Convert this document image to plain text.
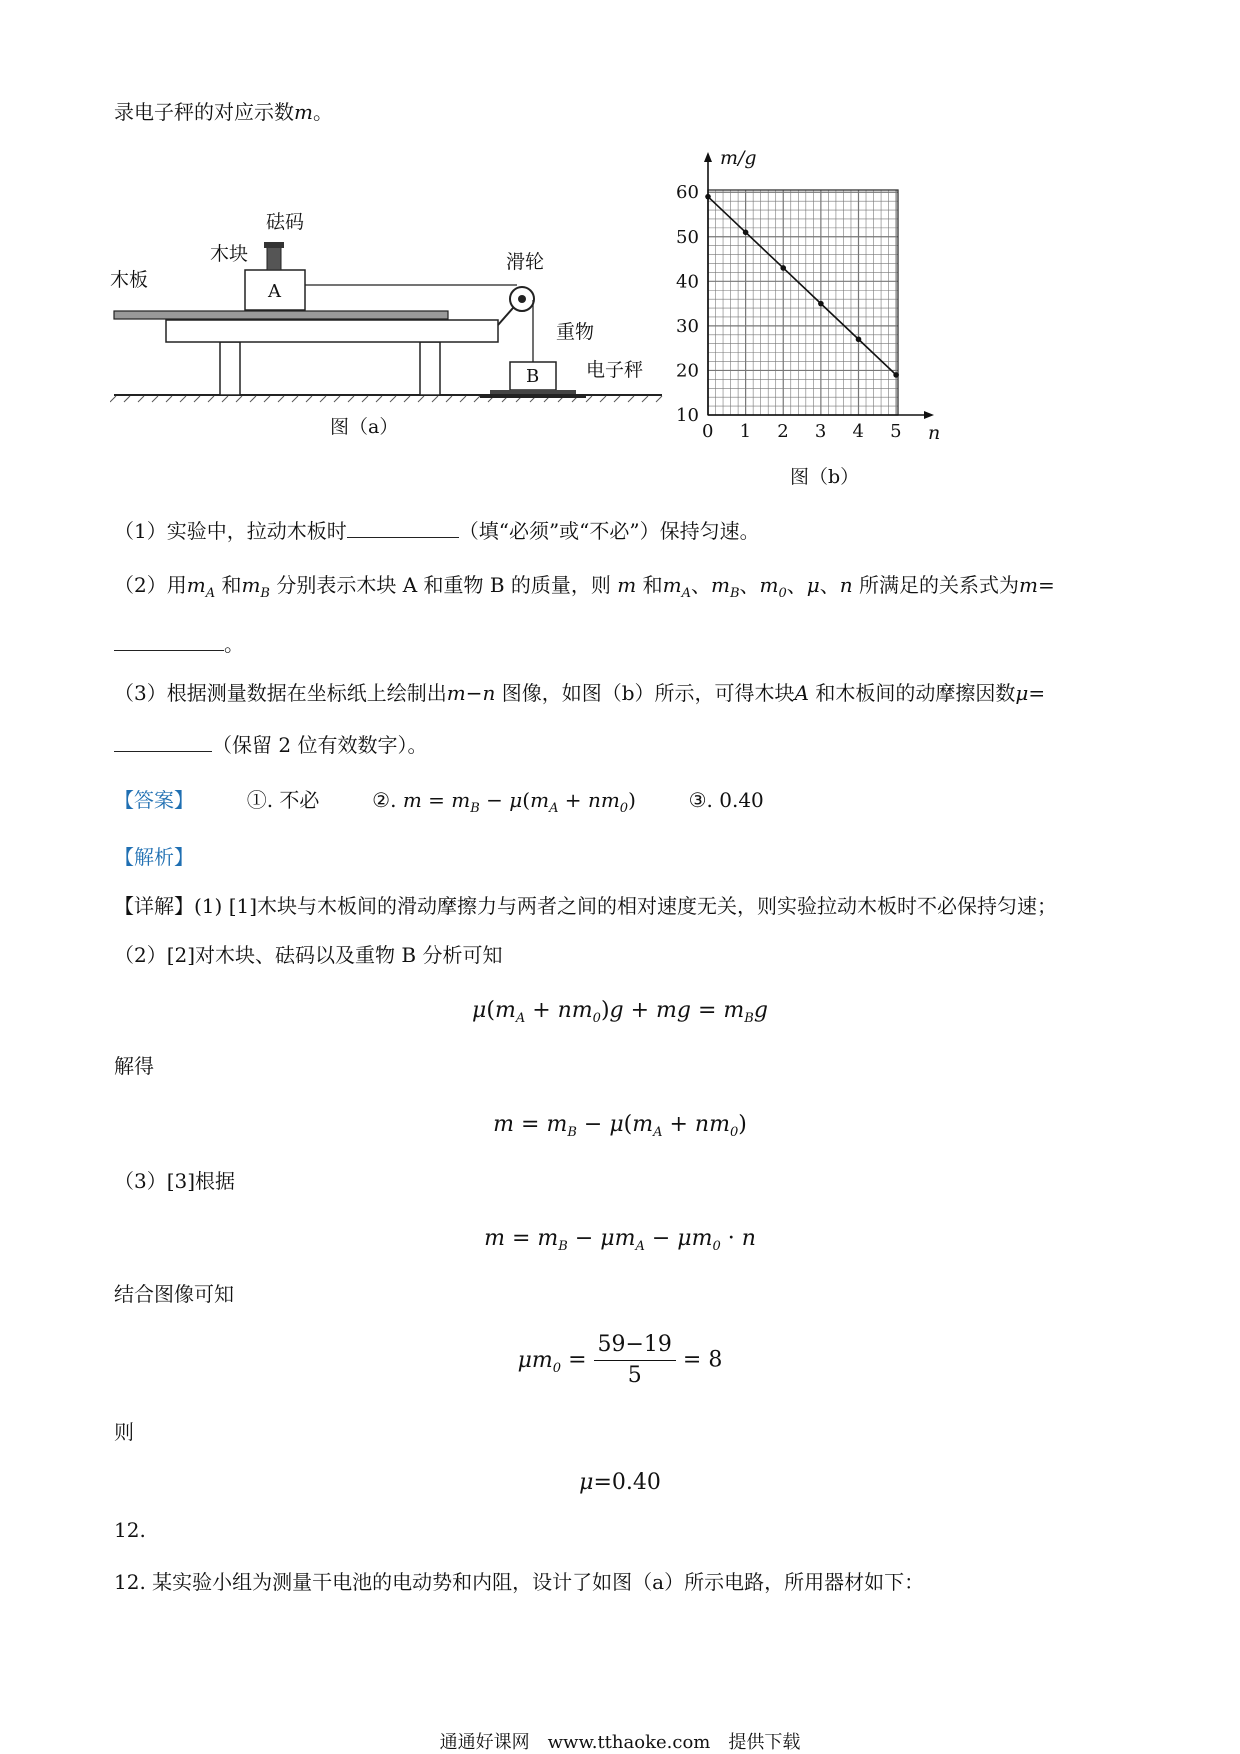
录电子秤的对应示数m。
砝码
木块
木板
滑轮
重物
电子秤
A
B
图（a）
m/g
n
0 1 2 3 4 5
10
20
30
40
50
60
图（b）
（1）实验中，拉动木板时	（填“必须”或“不必”）保持匀速。
（2）用$m_A$ 和$m_B$ 分别表示木块 A 和重物 B 的质量，则 m 和$m_A$、$m_B$、$m_0$、μ、n 所满足的关系式为m=
。
（3）根据测量数据在坐标纸上绘制出m−n 图像，如图（b）所示，可得木块A 和木板间的动摩擦因数μ=
（保留 2 位有效数字）。
【答案】	①. 不必	②. $m = m_B - \mu(m_A + nm_0)$  ③. 0.40
【解析】
【详解】(1) [1]木块与木板间的滑动摩擦力与两者之间的相对速度无关，则实验拉动木板时不必保持匀速；
（2）[2]对木块、砝码以及重物 B 分析可知
$\mu(m_A + nm_0)g$ + mg = $m_Bg$
解得
$m = m_B - \mu(m_A + nm_0)$
（3）[3]根据
$m = m_B - \mu m_A - \mu m_0 \cdot n$
结合图像可知
$\mu m_0 = \frac{59-19}{5} = 8$
则
μ=0.40
12.
12. 某实验小组为测量干电池的电动势和内阻，设计了如图（a）所示电路，所用器材如下：
通通好课网　www.tthaoke.com　提供下载
